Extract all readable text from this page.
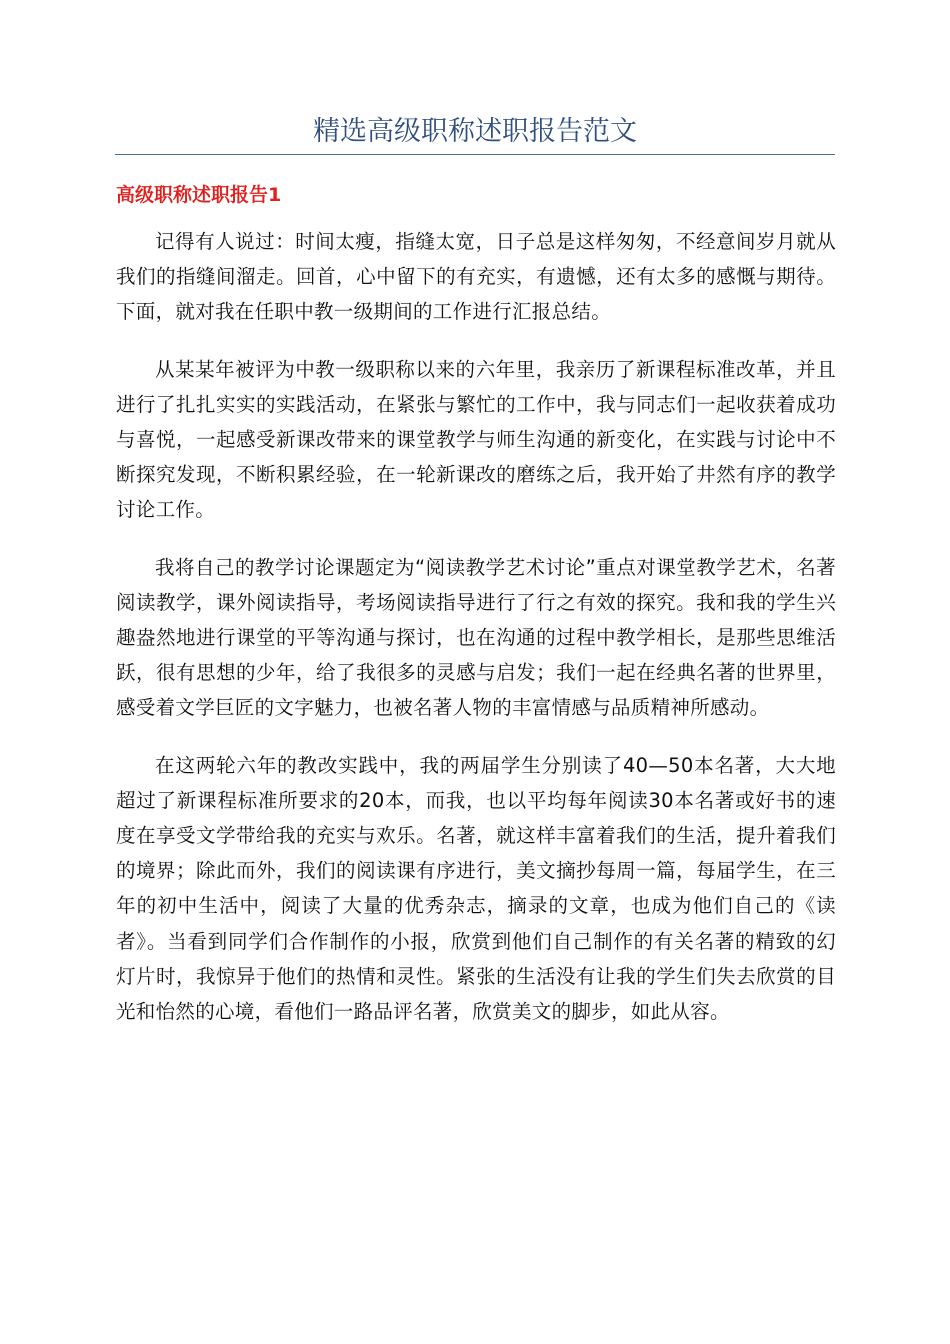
精选高级职称述职报告范文
高级职称述职报告1

记得有人说过：时间太瘦，指缝太宽，日子总是这样匆匆，不经意间岁月就从我们的指缝间溜走。回首，心中留下的有充实，有遗憾，还有太多的感慨与期待。下面，就对我在任职中教一级期间的工作进行汇报总结。

从某某年被评为中教一级职称以来的六年里，我亲历了新课程标准改革，并且进行了扎扎实实的实践活动，在紧张与繁忙的工作中，我与同志们一起收获着成功与喜悦，一起感受新课改带来的课堂教学与师生沟通的新变化，在实践与讨论中不断探究发现，不断积累经验，在一轮新课改的磨练之后，我开始了井然有序的教学讨论工作。

我将自己的教学讨论课题定为“阅读教学艺术讨论”重点对课堂教学艺术，名著阅读教学，课外阅读指导，考场阅读指导进行了行之有效的探究。我和我的学生兴趣盎然地进行课堂的平等沟通与探讨，也在沟通的过程中教学相长，是那些思维活跃，很有思想的少年，给了我很多的灵感与启发；我们一起在经典名著的世界里，感受着文学巨匠的文字魅力，也被名著人物的丰富情感与品质精神所感动。

在这两轮六年的教改实践中，我的两届学生分别读了40—50本名著，大大地超过了新课程标准所要求的20本，而我，也以平均每年阅读30本名著或好书的速度在享受文学带给我的充实与欢乐。名著，就这样丰富着我们的生活，提升着我们的境界；除此而外，我们的阅读课有序进行，美文摘抄每周一篇，每届学生，在三年的初中生活中，阅读了大量的优秀杂志，摘录的文章，也成为他们自己的《读者》。当看到同学们合作制作的小报，欣赏到他们自己制作的有关名著的精致的幻灯片时，我惊异于他们的热情和灵性。紧张的生活没有让我的学生们失去欣赏的目光和怡然的心境，看他们一路品评名著，欣赏美文的脚步，如此从容。
